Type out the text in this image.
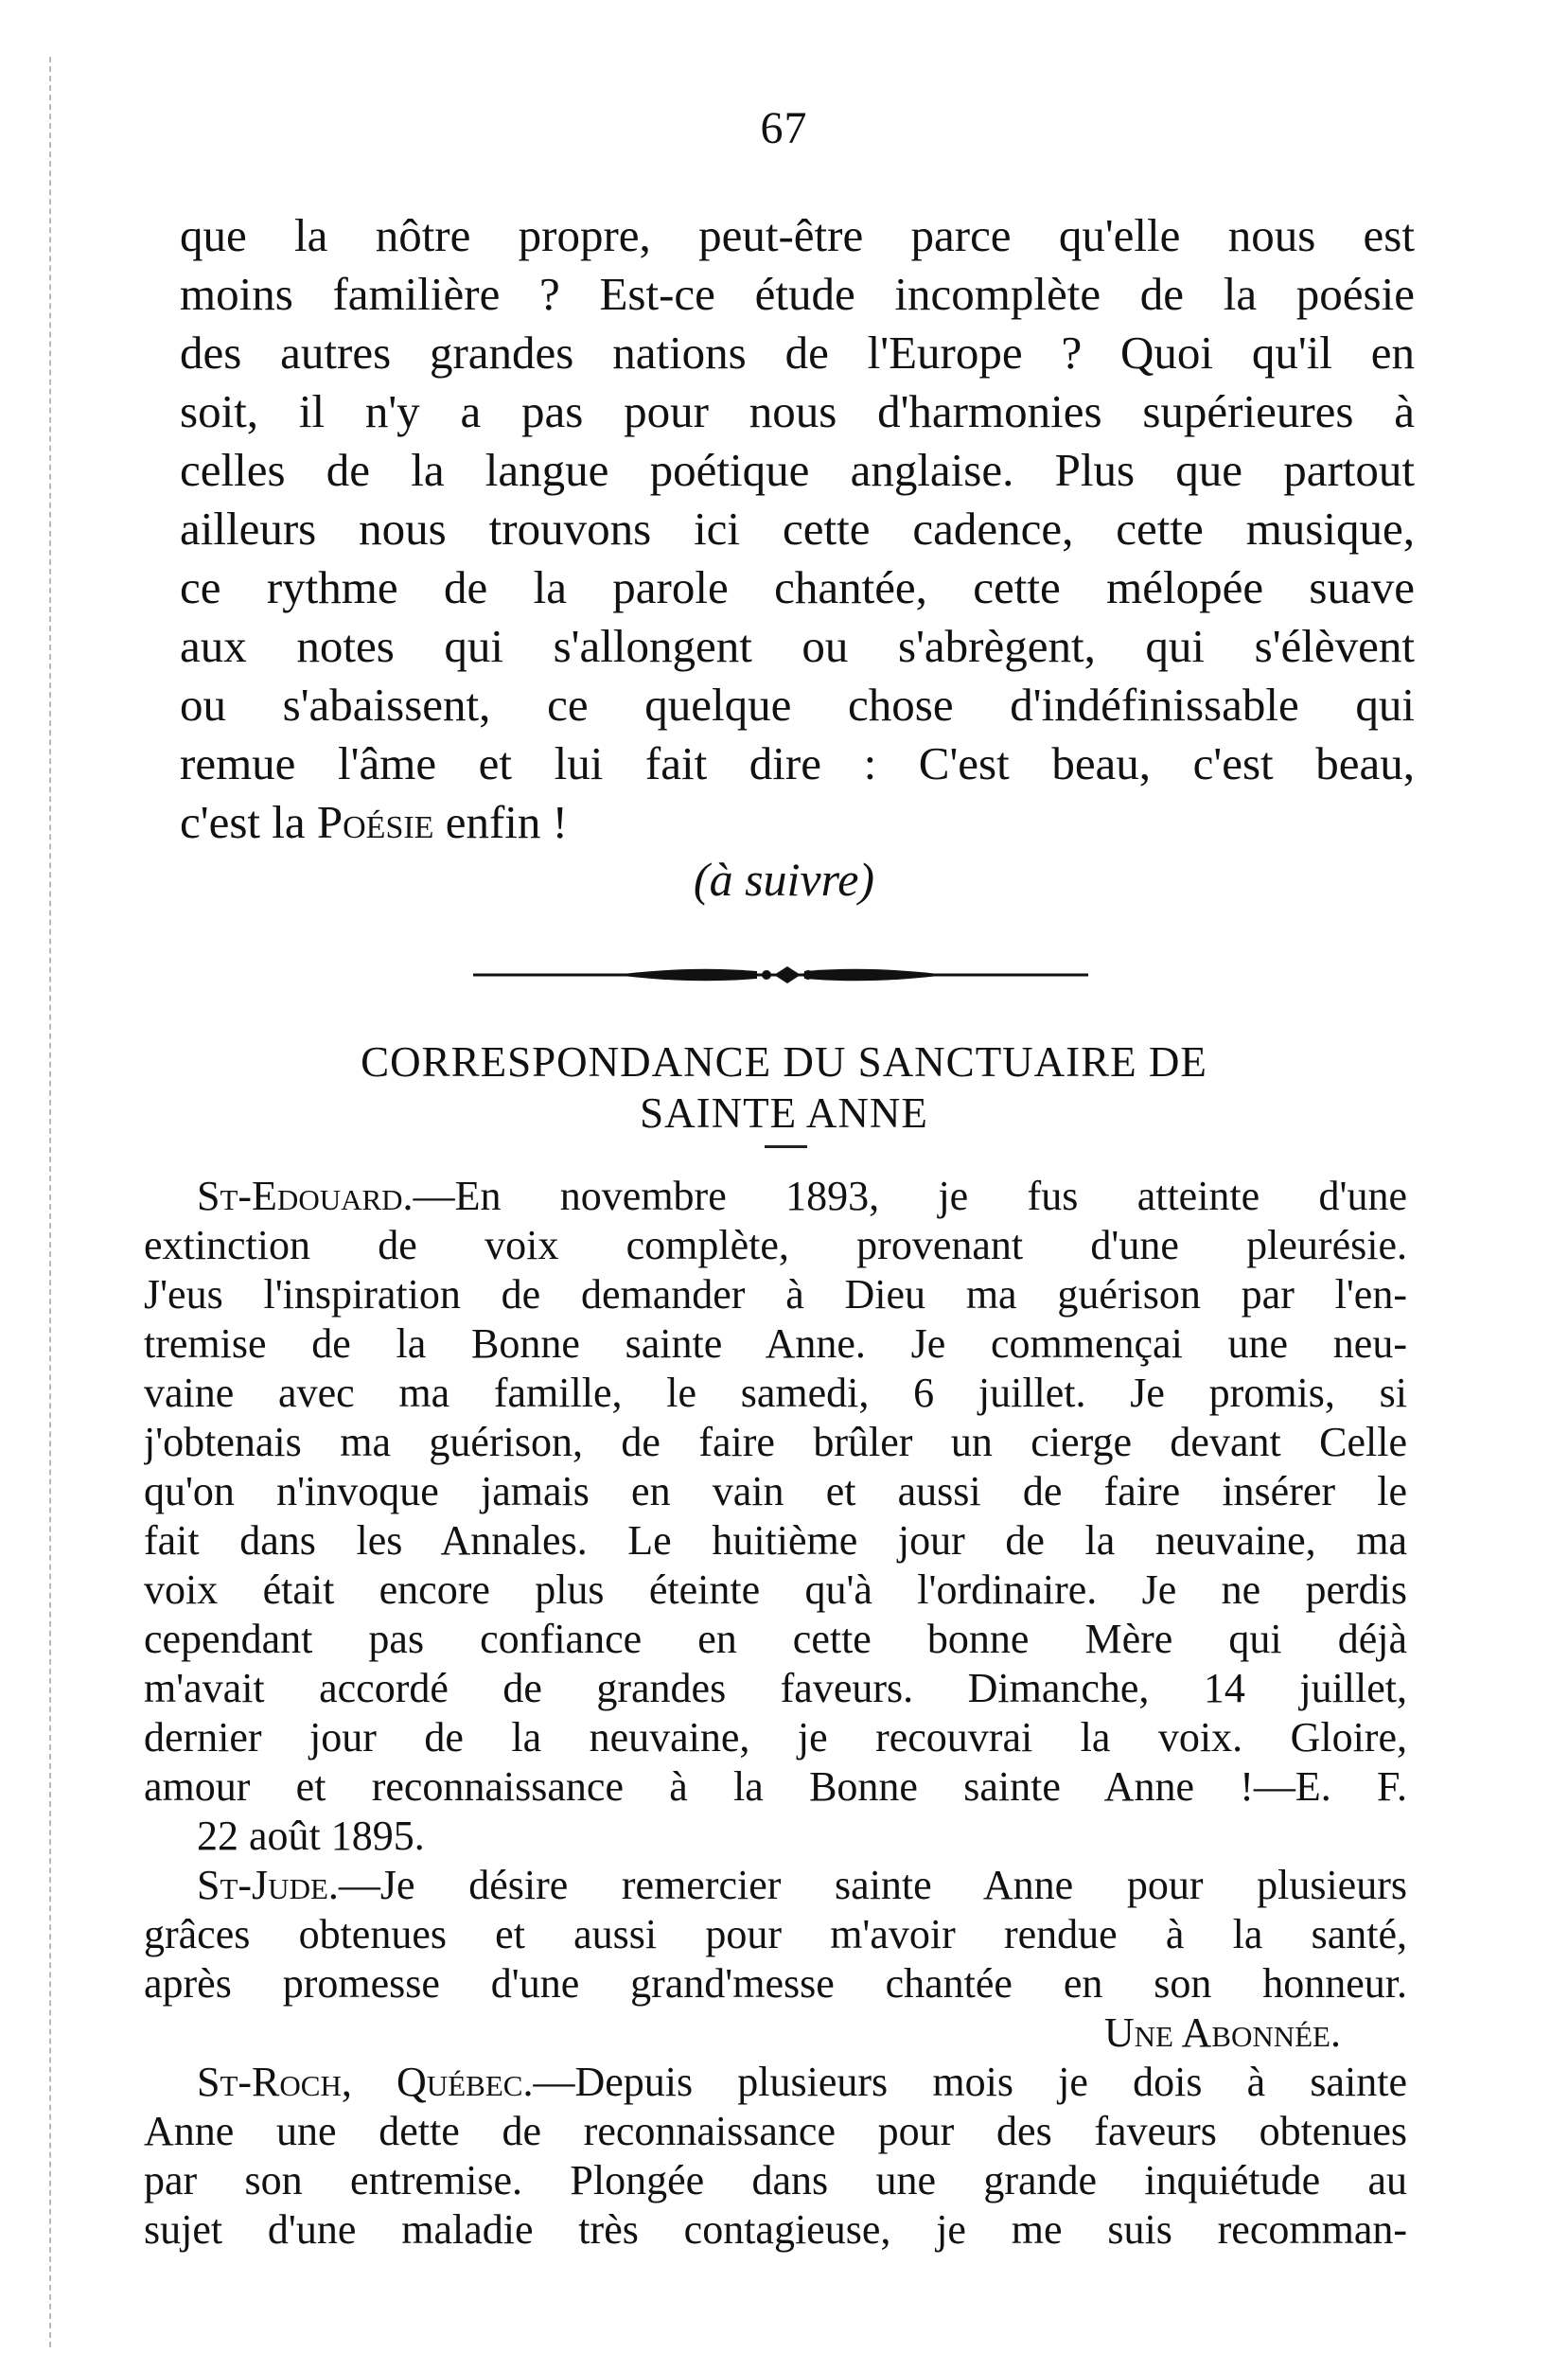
67
que la nôtre propre, peut-être parce qu'elle nous est
moins familière ? Est-ce étude incomplète de la poésie
des autres grandes nations de l'Europe ? Quoi qu'il en
soit, il n'y a pas pour nous d'harmonies supérieures à
celles de la langue poétique anglaise. Plus que partout
ailleurs nous trouvons ici cette cadence, cette musique,
ce rythme de la parole chantée, cette mélopée suave
aux notes qui s'allongent ou s'abrègent, qui s'élèvent
ou s'abaissent, ce quelque chose d'indéfinissable qui
remue l'âme et lui fait dire : C'est beau, c'est beau,
c'est la Poésie enfin !
(à suivre)
CORRESPONDANCE DU SANCTUAIRE DE
SAINTE ANNE
St-Edouard.—En novembre 1893, je fus atteinte d'une
extinction de voix complète, provenant d'une pleurésie.
J'eus l'inspiration de demander à Dieu ma guérison par l'en-
tremise de la Bonne sainte Anne. Je commençai une neu-
vaine avec ma famille, le samedi, 6 juillet. Je promis, si
j'obtenais ma guérison, de faire brûler un cierge devant Celle
qu'on n'invoque jamais en vain et aussi de faire insérer le
fait dans les Annales. Le huitième jour de la neuvaine, ma
voix était encore plus éteinte qu'à l'ordinaire. Je ne perdis
cependant pas confiance en cette bonne Mère qui déjà
m'avait accordé de grandes faveurs. Dimanche, 14 juillet,
dernier jour de la neuvaine, je recouvrai la voix. Gloire,
amour et reconnaissance à la Bonne sainte Anne !—E. F.
22 août 1895.
St-Jude.—Je désire remercier sainte Anne pour plusieurs
grâces obtenues et aussi pour m'avoir rendue à la santé,
après promesse d'une grand'messe chantée en son honneur.
Une Abonnée.
St-Roch, Québec.—Depuis plusieurs mois je dois à sainte
Anne une dette de reconnaissance pour des faveurs obtenues
par son entremise. Plongée dans une grande inquiétude au
sujet d'une maladie très contagieuse, je me suis recomman-
